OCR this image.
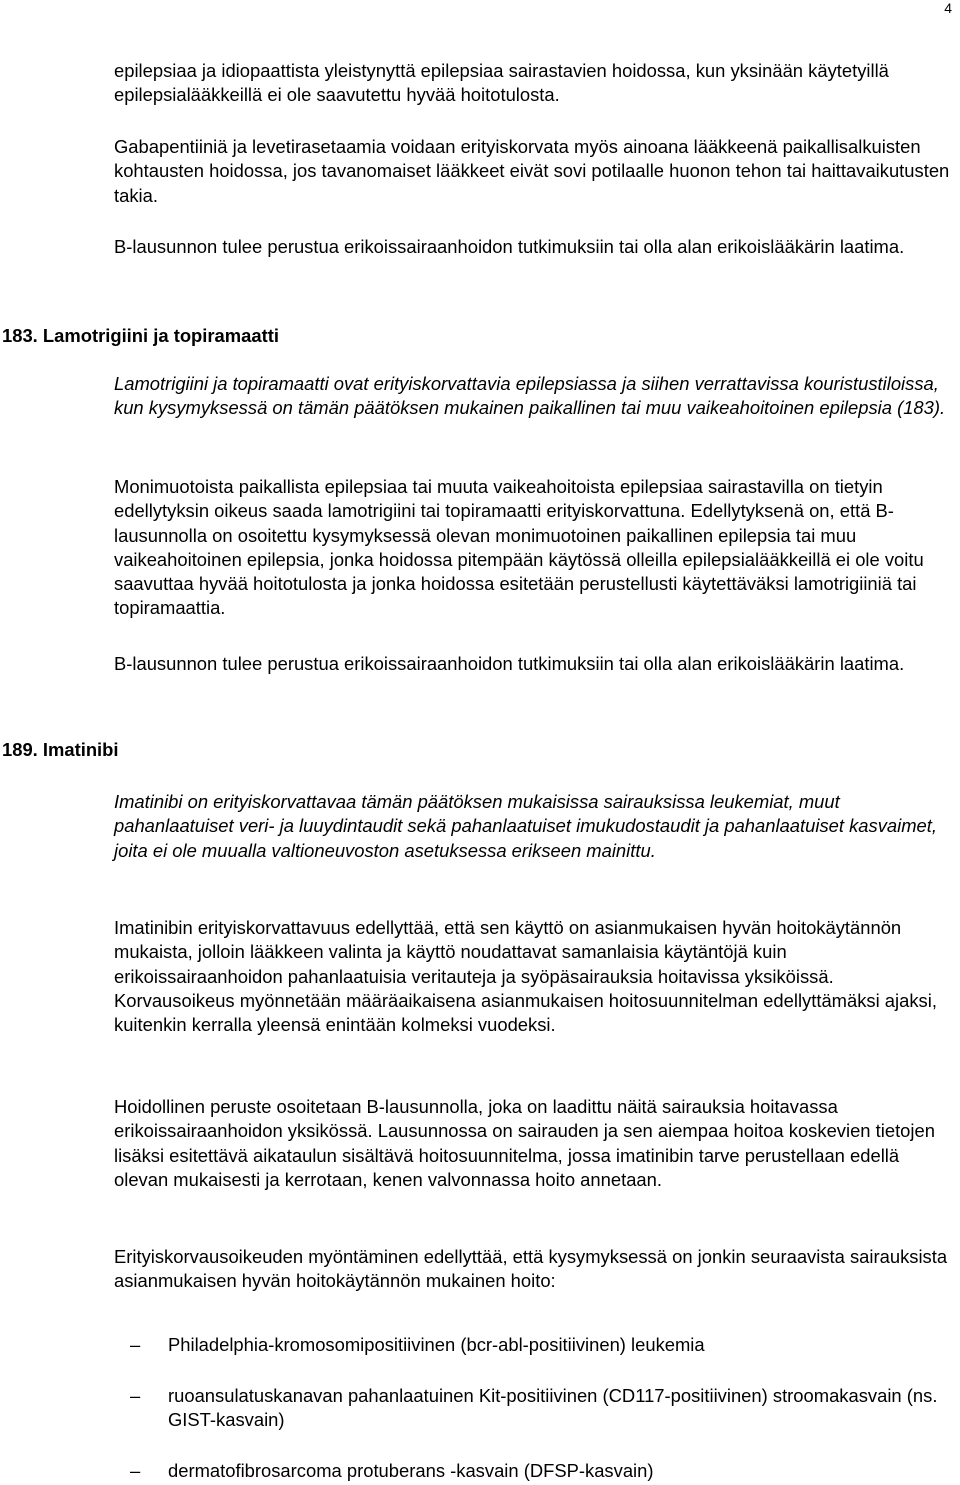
4

epilepsiaa ja idiopaattista yleistynyttä epilepsiaa sairastavien hoidossa, kun yksinään käytetyillä epilepsialääkkeillä ei ole saavutettu hyvää hoitotulosta.

Gabapentiiniä ja levetirasetaamia voidaan erityiskorvata myös ainoana lääkkeenä paikallisalkuisten kohtausten hoidossa, jos tavanomaiset lääkkeet eivät sovi potilaalle huonon tehon tai haittavaikutusten takia.

B-lausunnon tulee perustua erikoissairaanhoidon tutkimuksiin tai olla alan erikoislääkärin laatima.

183. Lamotrigiini ja topiramaatti

Lamotrigiini ja topiramaatti ovat erityiskorvattavia epilepsiassa ja siihen verrattavissa kouristustiloissa, kun kysymyksessä on tämän päätöksen mukainen paikallinen tai muu vaikeahoitoinen epilepsia (183).

Monimuotoista paikallista epilepsiaa tai muuta vaikeahoitoista epilepsiaa sairastavilla on tietyin edellytyksin oikeus saada lamotrigiini tai topiramaatti erityiskorvattuna. Edellytyksenä on, että B-lausunnolla on osoitettu kysymyksessä olevan monimuotoinen paikallinen epilepsia tai muu vaikeahoitoinen epilepsia, jonka hoidossa pitempään käytössä olleilla epilepsialääkkeillä ei ole voitu saavuttaa hyvää hoitotulosta ja jonka hoidossa esitetään perustellusti käytettäväksi lamotrigiiniä tai topiramaattia.

B-lausunnon tulee perustua erikoissairaanhoidon tutkimuksiin tai olla alan erikoislääkärin laatima.

189. Imatinibi

Imatinibi on erityiskorvattavaa tämän päätöksen mukaisissa sairauksissa leukemiat, muut pahanlaatuiset veri- ja luuydintaudit sekä pahanlaatuiset imukudostaudit ja pahanlaatuiset kasvaimet, joita ei ole muualla valtioneuvoston asetuksessa erikseen mainittu.

Imatinibin erityiskorvattavuus edellyttää, että sen käyttö on asianmukaisen hyvän hoitokäytännön mukaista, jolloin lääkkeen valinta ja käyttö noudattavat samanlaisia käytäntöjä kuin erikoissairaanhoidon pahanlaatuisia veritauteja ja syöpäsairauksia hoitavissa yksiköissä. Korvausoikeus myönnetään määräaikaisena asianmukaisen hoitosuunnitelman edellyttämäksi ajaksi, kuitenkin kerralla yleensä enintään kolmeksi vuodeksi.

Hoidollinen peruste osoitetaan B-lausunnolla, joka on laadittu näitä sairauksia hoitavassa erikoissairaanhoidon yksikössä. Lausunnossa on sairauden ja sen aiempaa hoitoa koskevien tietojen lisäksi esitettävä aikataulun sisältävä hoitosuunnitelma, jossa imatinibin tarve perustellaan edellä olevan mukaisesti ja kerrotaan, kenen valvonnassa hoito annetaan.

Erityiskorvausoikeuden myöntäminen edellyttää, että kysymyksessä on jonkin seuraavista sairauksista asianmukaisen hyvän hoitokäytännön mukainen hoito:

– Philadelphia-kromosomipositiivinen (bcr-abl-positiivinen) leukemia
– ruoansulatuskanavan pahanlaatuinen Kit-positiivinen (CD117-positiivinen) stroomakasvain (ns. GIST-kasvain)
– dermatofibrosarcoma protuberans -kasvain (DFSP-kasvain)
